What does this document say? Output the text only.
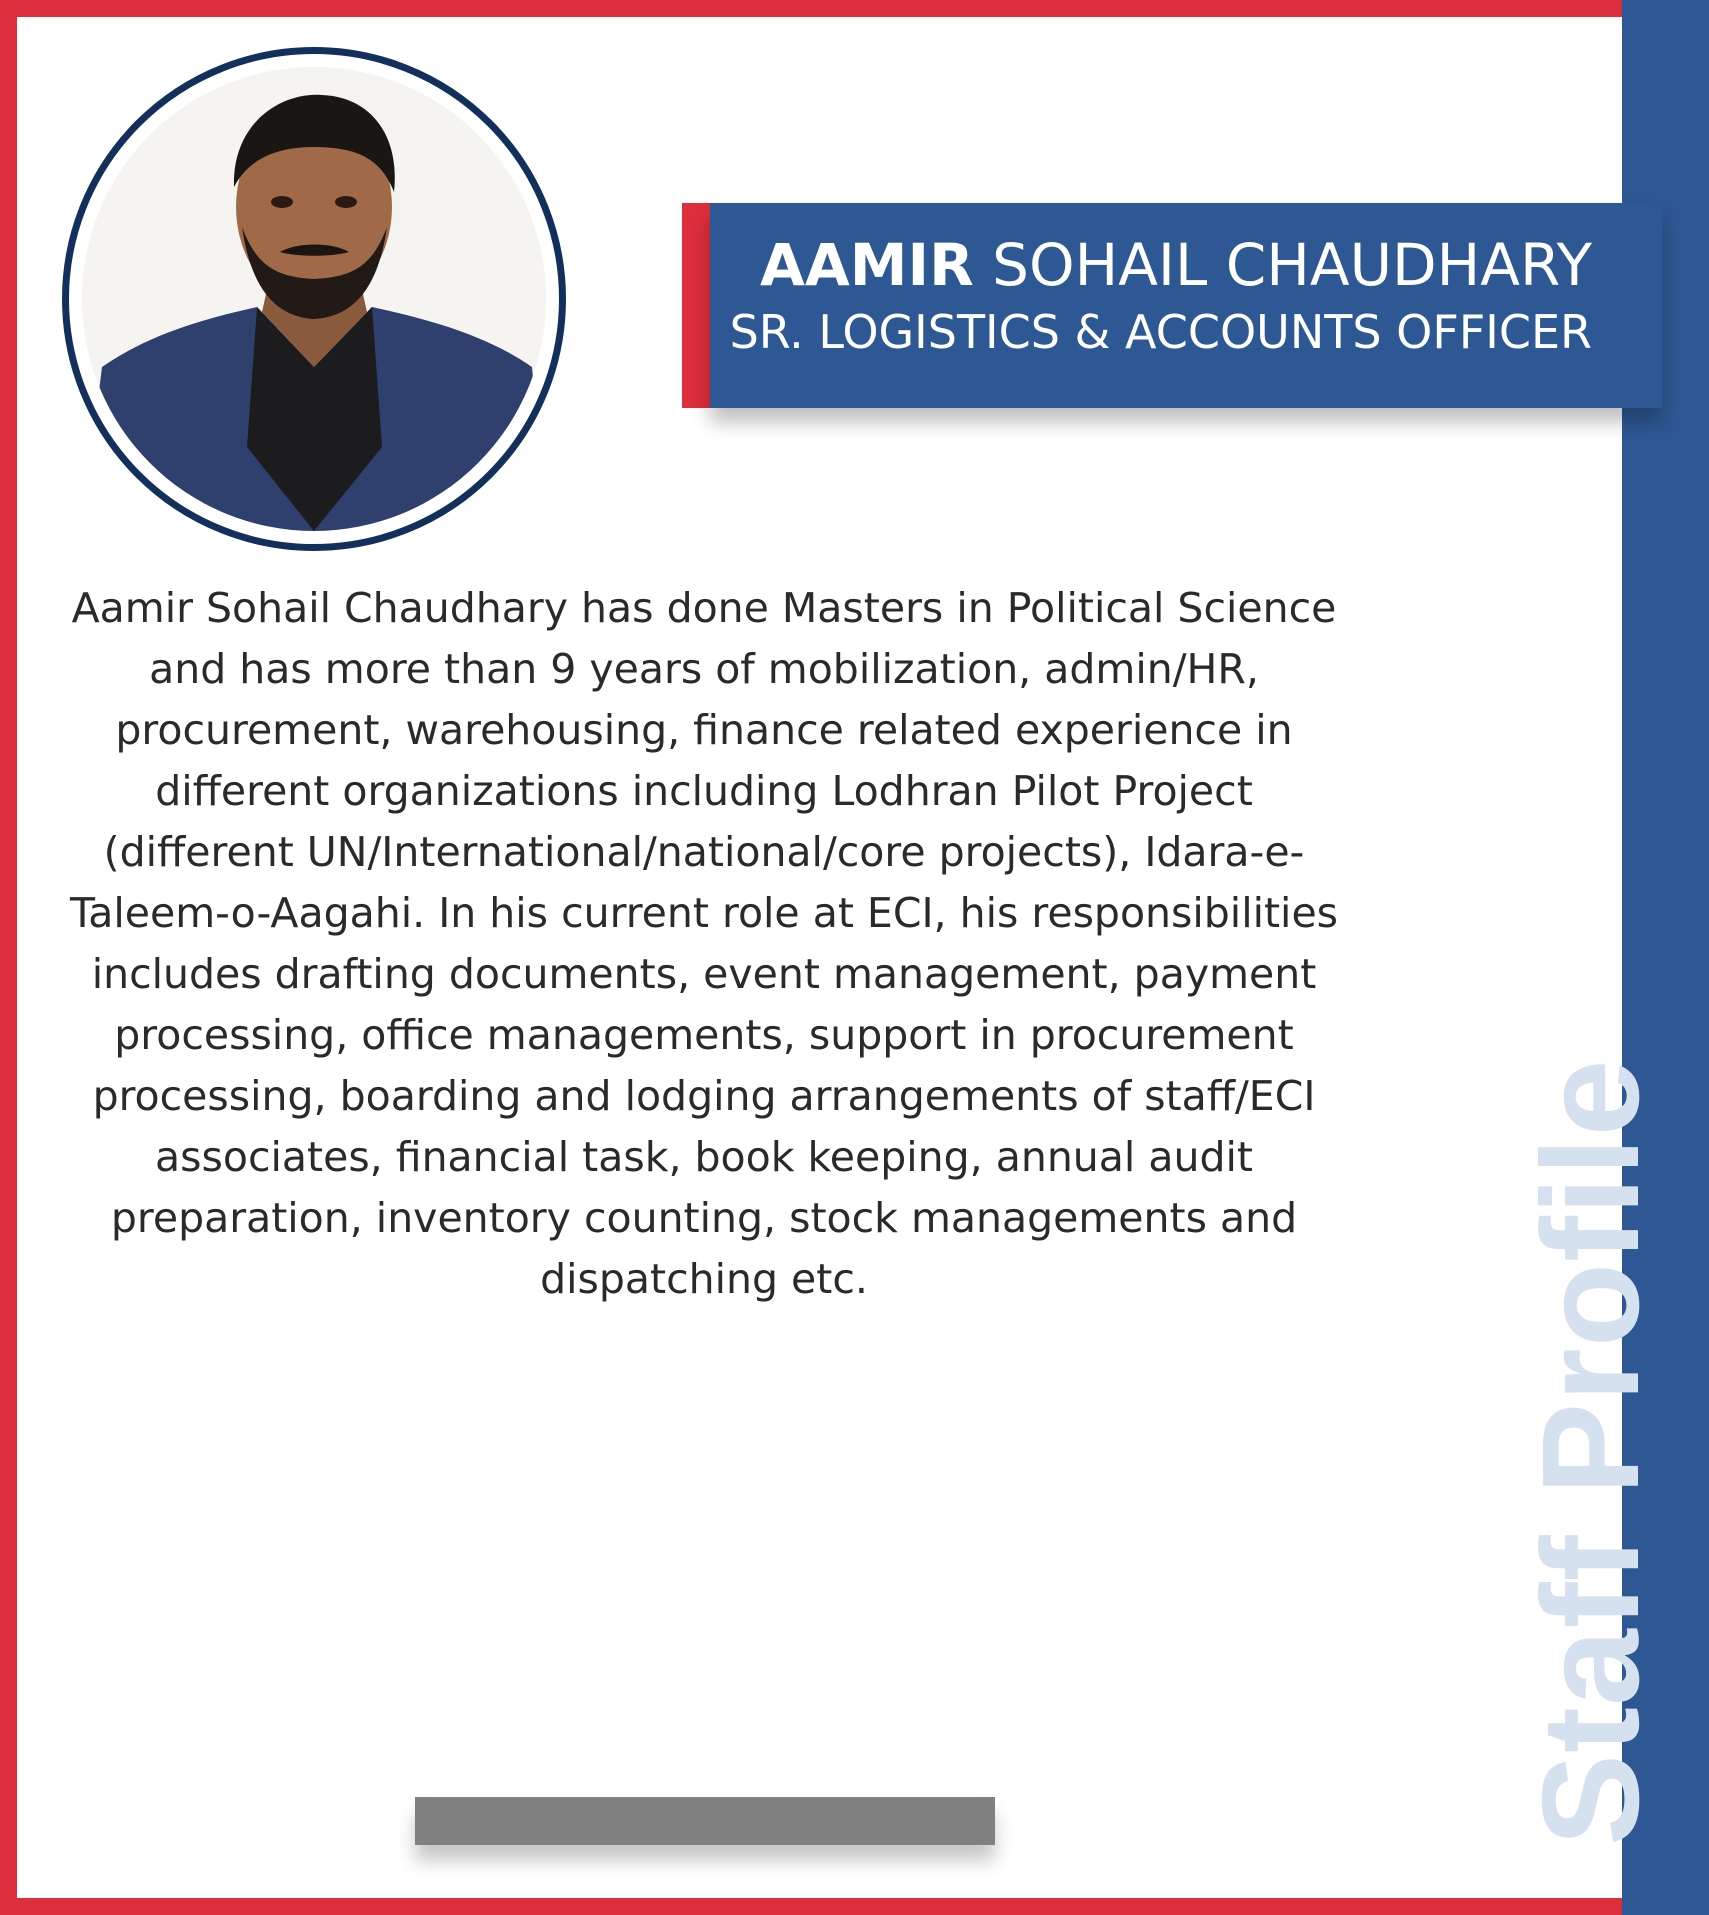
Staff Profile
AAMIR SOHAIL CHAUDHARY
SR. LOGISTICS & ACCOUNTS OFFICER
Aamir Sohail Chaudhary has done Masters in Political Science and has more than 9 years of mobilization, admin/HR, procurement, warehousing, finance related experience in different organizations including Lodhran Pilot Project (different UN/International/national/core projects), Idara-e-Taleem-o-Aagahi. In his current role at ECI, his responsibilities includes drafting documents, event management, payment processing, office managements, support in procurement processing, boarding and lodging arrangements of staff/ECI associates, financial task, book keeping, annual audit preparation, inventory counting, stock managements and dispatching etc.
